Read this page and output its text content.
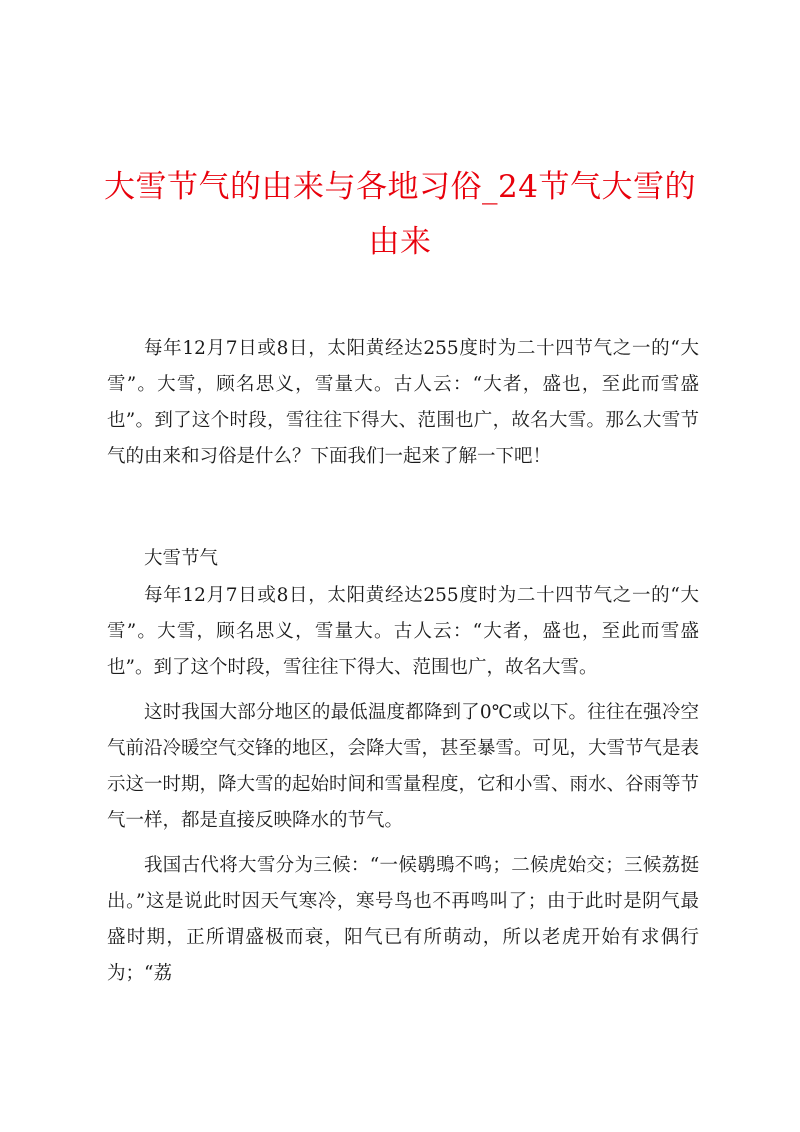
大雪节气的由来与各地习俗_24节气大雪的由来

每年12月7日或8日，太阳黄经达255度时为二十四节气之一的“大雪”。大雪，顾名思义，雪量大。古人云：“大者，盛也，至此而雪盛也”。到了这个时段，雪往往下得大、范围也广，故名大雪。那么大雪节气的由来和习俗是什么？下面我们一起来了解一下吧！

大雪节气

每年12月7日或8日，太阳黄经达255度时为二十四节气之一的“大雪”。大雪，顾名思义，雪量大。古人云：“大者，盛也，至此而雪盛也”。到了这个时段，雪往往下得大、范围也广，故名大雪。

这时我国大部分地区的最低温度都降到了0℃或以下。往往在强冷空气前沿冷暖空气交锋的地区，会降大雪，甚至暴雪。可见，大雪节气是表示这一时期，降大雪的起始时间和雪量程度，它和小雪、雨水、谷雨等节气一样，都是直接反映降水的节气。

我国古代将大雪分为三候：“一候鹖鴠不鸣；二候虎始交；三候荔挺出。”这是说此时因天气寒冷，寒号鸟也不再鸣叫了；由于此时是阴气最盛时期，正所谓盛极而衰，阳气已有所萌动，所以老虎开始有求偶行为；“荔
